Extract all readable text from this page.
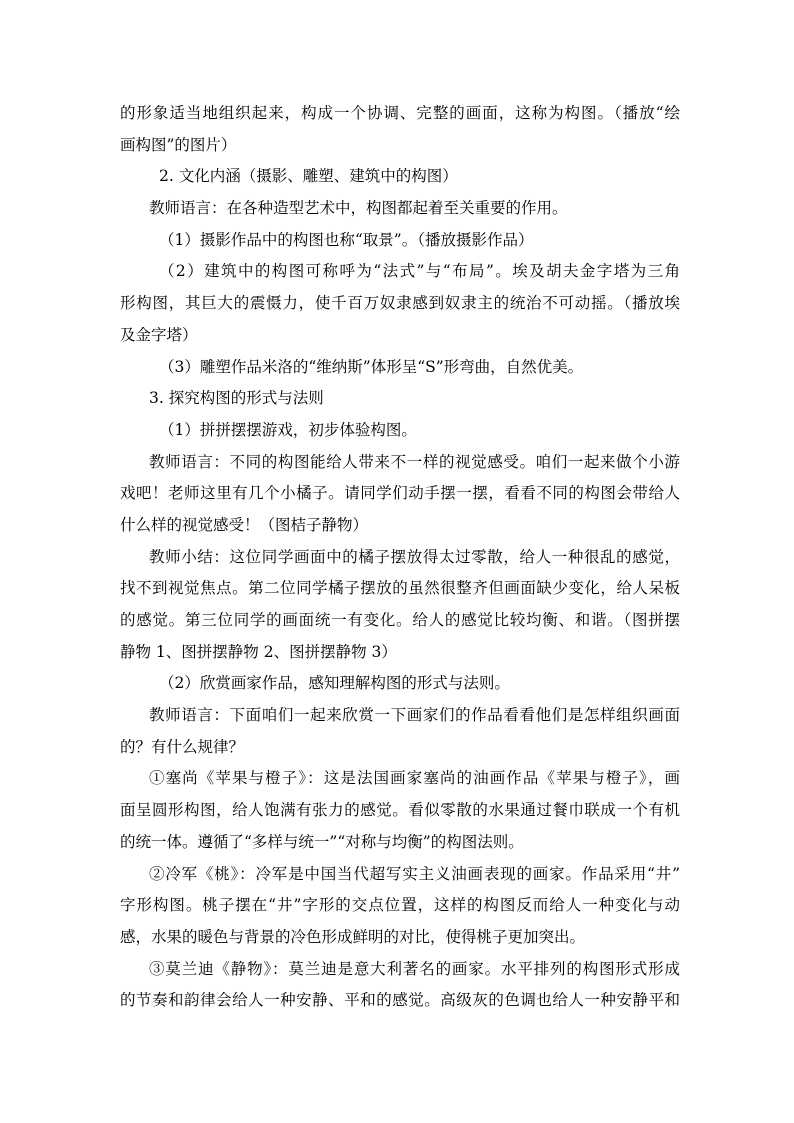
的形象适当地组织起来，构成一个协调、完整的画面，这称为构图。（播放“绘
画构图”的图片）
2. 文化内涵（摄影、雕塑、建筑中的构图）
教师语言：在各种造型艺术中，构图都起着至关重要的作用。
（1）摄影作品中的构图也称“取景”。（播放摄影作品）
（2）建筑中的构图可称呼为“法式”与“布局”。埃及胡夫金字塔为三角
形构图，其巨大的震慑力，使千百万奴隶感到奴隶主的统治不可动摇。（播放埃
及金字塔）
（3）雕塑作品米洛的“维纳斯”体形呈“S”形弯曲，自然优美。
3. 探究构图的形式与法则
（1）拼拼摆摆游戏，初步体验构图。
教师语言：不同的构图能给人带来不一样的视觉感受。咱们一起来做个小游
戏吧！老师这里有几个小橘子。请同学们动手摆一摆，看看不同的构图会带给人
什么样的视觉感受！（图桔子静物）
教师小结：这位同学画面中的橘子摆放得太过零散，给人一种很乱的感觉，
找不到视觉焦点。第二位同学橘子摆放的虽然很整齐但画面缺少变化，给人呆板
的感觉。第三位同学的画面统一有变化。给人的感觉比较均衡、和谐。（图拼摆
静物 1、图拼摆静物 2、图拼摆静物 3）
（2）欣赏画家作品，感知理解构图的形式与法则。
教师语言：下面咱们一起来欣赏一下画家们的作品看看他们是怎样组织画面
的？有什么规律？
①塞尚《苹果与橙子》：这是法国画家塞尚的油画作品《苹果与橙子》，画
面呈圆形构图，给人饱满有张力的感觉。看似零散的水果通过餐巾联成一个有机
的统一体。遵循了“多样与统一”“对称与均衡”的构图法则。
②冷军《桃》：冷军是中国当代超写实主义油画表现的画家。作品采用“井”
字形构图。桃子摆在“井”字形的交点位置，这样的构图反而给人一种变化与动
感，水果的暖色与背景的冷色形成鲜明的对比，使得桃子更加突出。
③莫兰迪《静物》：莫兰迪是意大利著名的画家。水平排列的构图形式形成
的节奏和韵律会给人一种安静、平和的感觉。高级灰的色调也给人一种安静平和
